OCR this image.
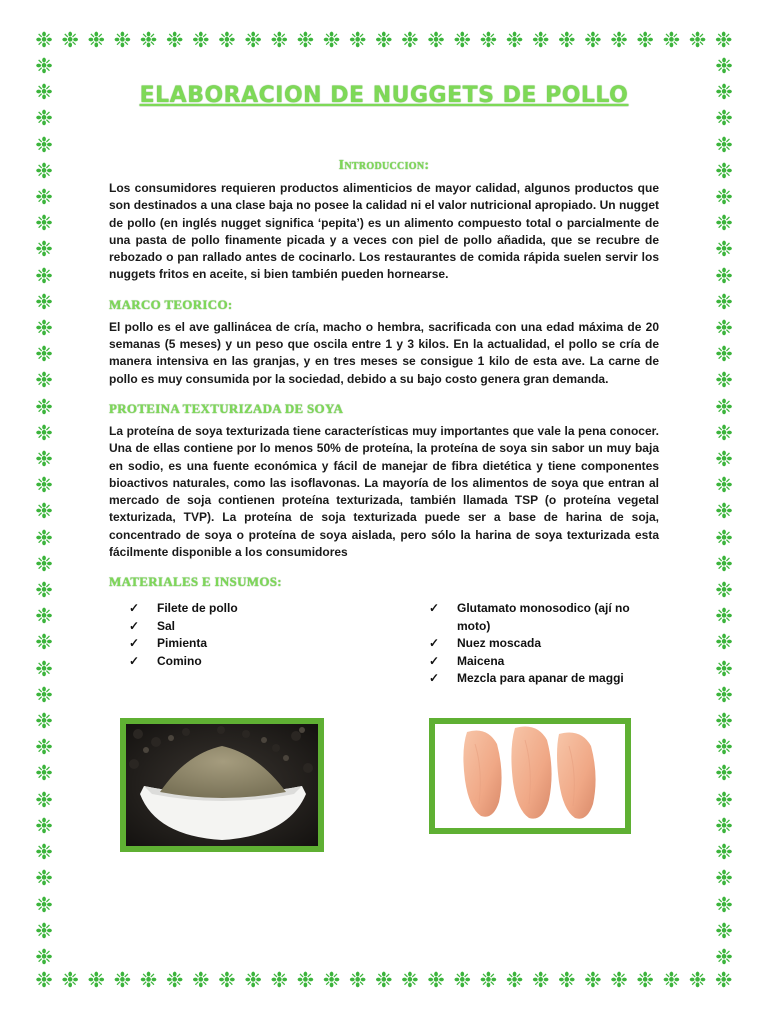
❉ ❉ ❉ ❉ ❉ ❉ ❉ ❉ ❉ ❉ ❉ ❉ ❉ ❉ ❉ ❉ ❉ ❉ ❉ ❉ ❉ ❉ ❉ ❉ ❉ ❉ ❉
❉ ❉ ❉ ❉ ❉ ❉ ❉ ❉ ❉ ❉ ❉ ❉ ❉ ❉ ❉ ❉ ❉ ❉ ❉ ❉ ❉ ❉ ❉ ❉ ❉ ❉ ❉
❉
❉
❉
❉
❉
❉
❉
❉
❉
❉
❉
❉
❉
❉
❉
❉
❉
❉
❉
❉
❉
❉
❉
❉
❉
❉
❉
❉
❉
❉
❉
❉
❉
❉
❉
❉
❉
❉
❉
❉
❉
❉
❉
❉
❉
❉
❉
❉
❉
❉
❉
❉
❉
❉
❉
❉
❉
❉
❉
❉
❉
❉
❉
❉
❉
❉
❉
❉
❉
❉
ELABORACION DE NUGGETS DE POLLO
Introduccion:

Los consumidores requieren productos alimenticios de mayor calidad, algunos productos que son destinados a una clase baja no posee la calidad ni el valor nutricional apropiado. Un nugget de pollo (en inglés nugget significa ‘pepita’) es un alimento compuesto total o parcialmente de una pasta de pollo finamente picada y a veces con piel de pollo añadida, que se recubre de rebozado o pan rallado antes de cocinarlo. Los restaurantes de comida rápida suelen servir los nuggets fritos en aceite, si bien también pueden hornearse.

MARCO TEORICO:

El pollo es el ave gallinácea de cría, macho o hembra, sacrificada con una edad máxima de 20 semanas (5 meses) y un peso que oscila entre 1 y 3 kilos. En la actualidad, el pollo se cría de manera intensiva en las granjas, y en tres meses se consigue 1 kilo de esta ave. La carne de pollo es muy consumida por la sociedad, debido a su bajo costo genera gran demanda.

PROTEINA TEXTURIZADA DE SOYA

La proteína de soya texturizada tiene características muy importantes que vale la pena conocer. Una de ellas contiene por lo menos 50% de proteína, la proteína de soya sin sabor un muy baja en sodio, es una fuente económica y fácil de manejar de fibra dietética y tiene componentes bioactivos naturales, como las isoflavonas. La mayoría de los alimentos de soya que entran al mercado de soja contienen proteína texturizada, también llamada TSP (o proteína vegetal texturizada, TVP). La proteína de soja texturizada puede ser a base de harina de soja, concentrado de soya o proteína de soya aislada, pero sólo la harina de soya texturizada esta fácilmente disponible a los consumidores

MATERIALES E INSUMOS:
✓	Filete de pollo
✓	Sal
✓	Pimienta
✓	Comino
✓	Glutamato monosodico (ají no moto)
✓	Nuez moscada
✓	Maicena
✓	Mezcla para apanar de maggi
